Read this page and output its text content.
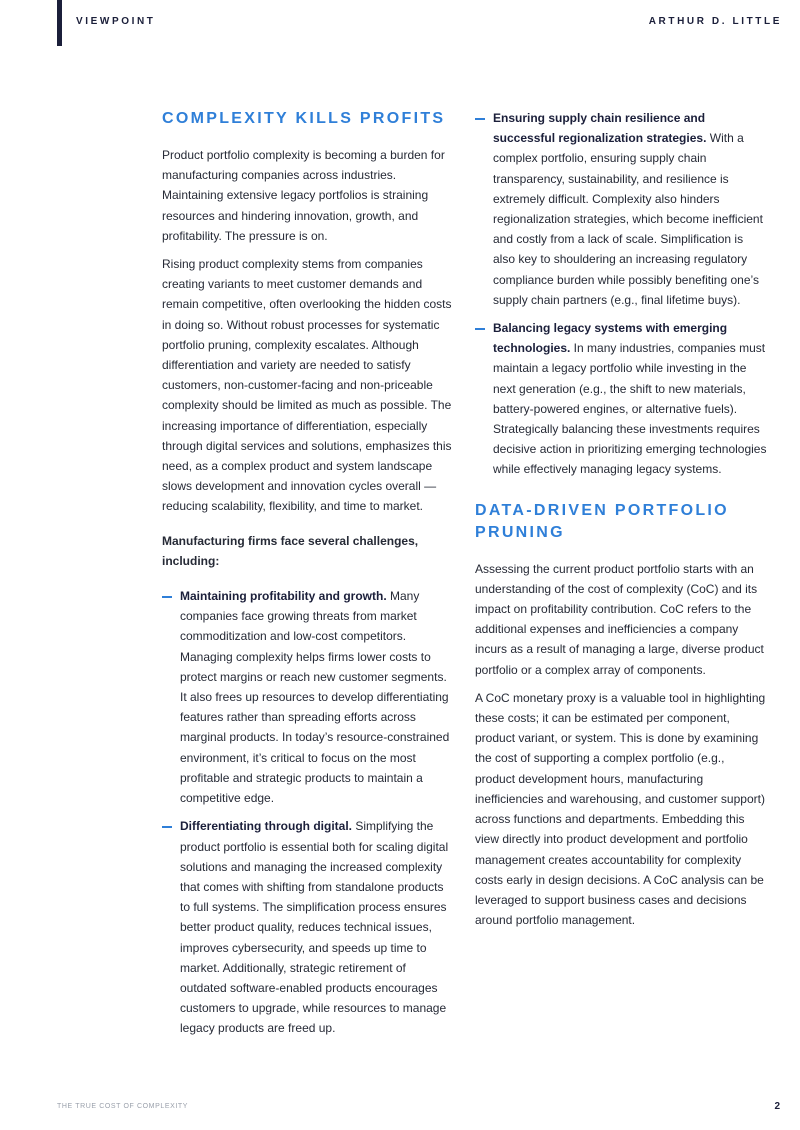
VIEWPOINT	ARTHUR D. LITTLE
COMPLEXITY KILLS PROFITS

Product portfolio complexity is becoming a burden for manufacturing companies across industries. Maintaining extensive legacy portfolios is straining resources and hindering innovation, growth, and profitability. The pressure is on.

Rising product complexity stems from companies creating variants to meet customer demands and remain competitive, often overlooking the hidden costs in doing so. Without robust processes for systematic portfolio pruning, complexity escalates. Although differentiation and variety are needed to satisfy customers, non-customer-facing and non-priceable complexity should be limited as much as possible. The increasing importance of differentiation, especially through digital services and solutions, emphasizes this need, as a complex product and system landscape slows development and innovation cycles overall — reducing scalability, flexibility, and time to market.

Manufacturing firms face several challenges, including:

Maintaining profitability and growth. Many companies face growing threats from market commoditization and low-cost competitors. Managing complexity helps firms lower costs to protect margins or reach new customer segments. It also frees up resources to develop differentiating features rather than spreading efforts across marginal products. In today’s resource-constrained environment, it’s critical to focus on the most profitable and strategic products to maintain a competitive edge.
Differentiating through digital. Simplifying the product portfolio is essential both for scaling digital solutions and managing the increased complexity that comes with shifting from standalone products to full systems. The simplification process ensures better product quality, reduces technical issues, improves cybersecurity, and speeds up time to market. Additionally, strategic retirement of outdated software-enabled products encourages customers to upgrade, while resources to manage legacy products are freed up.
Ensuring supply chain resilience and successful regionalization strategies. With a complex portfolio, ensuring supply chain transparency, sustainability, and resilience is extremely difficult. Complexity also hinders regionalization strategies, which become inefficient and costly from a lack of scale. Simplification is also key to shouldering an increasing regulatory compliance burden while possibly benefiting one’s supply chain partners (e.g., final lifetime buys).
Balancing legacy systems with emerging technologies. In many industries, companies must maintain a legacy portfolio while investing in the next generation (e.g., the shift to new materials, battery-powered engines, or alternative fuels). Strategically balancing these investments requires decisive action in prioritizing emerging technologies while effectively managing legacy systems.
DATA-DRIVEN PORTFOLIO PRUNING

Assessing the current product portfolio starts with an understanding of the cost of complexity (CoC) and its impact on profitability contribution. CoC refers to the additional expenses and inefficiencies a company incurs as a result of managing a large, diverse product portfolio or a complex array of components.

A CoC monetary proxy is a valuable tool in highlighting these costs; it can be estimated per component, product variant, or system. This is done by examining the cost of supporting a complex portfolio (e.g., product development hours, manufacturing inefficiencies and warehousing, and customer support) across functions and departments. Embedding this view directly into product development and portfolio management creates accountability for complexity costs early in design decisions. A CoC analysis can be leveraged to support business cases and decisions around portfolio management.

THE TRUE COST OF COMPLEXITY	2
